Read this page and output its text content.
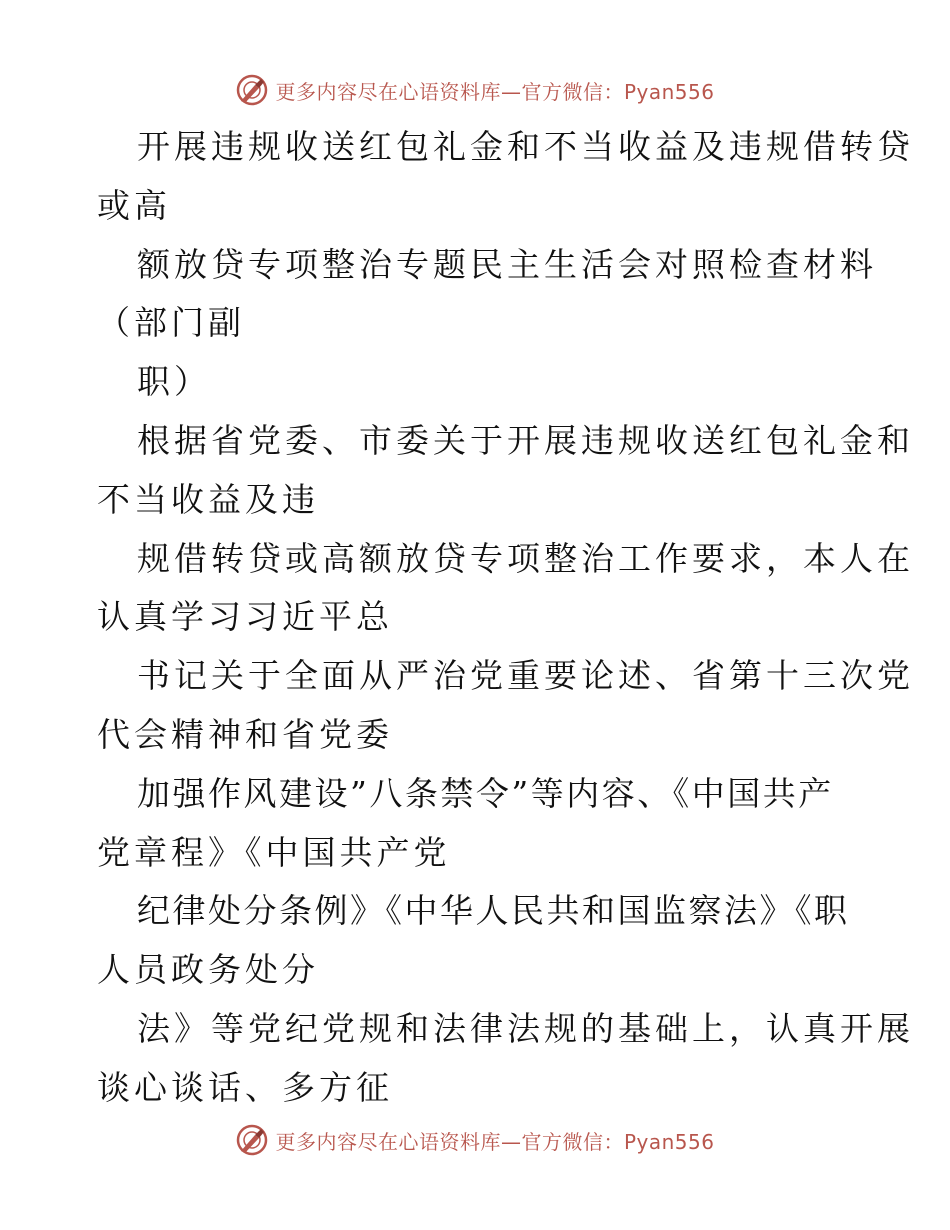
更多内容尽在心语资料库—官方微信：Pyan556
开展违规收送红包礼金和不当收益及违规借转贷
或高
额放贷专项整治专题民主生活会对照检查材料
（部门副
职）
根据省党委、市委关于开展违规收送红包礼金和
不当收益及违
规借转贷或高额放贷专项整治工作要求，本人在
认真学习习近平总
书记关于全面从严治党重要论述、省第十三次党
代会精神和省党委
加强作风建设”八条禁令”等内容、《中国共产
党章程》《中国共产党
纪律处分条例》《中华人民共和国监察法》《职
人员政务处分
法》等党纪党规和法律法规的基础上，认真开展
谈心谈话、多方征
更多内容尽在心语资料库—官方微信：Pyan556
